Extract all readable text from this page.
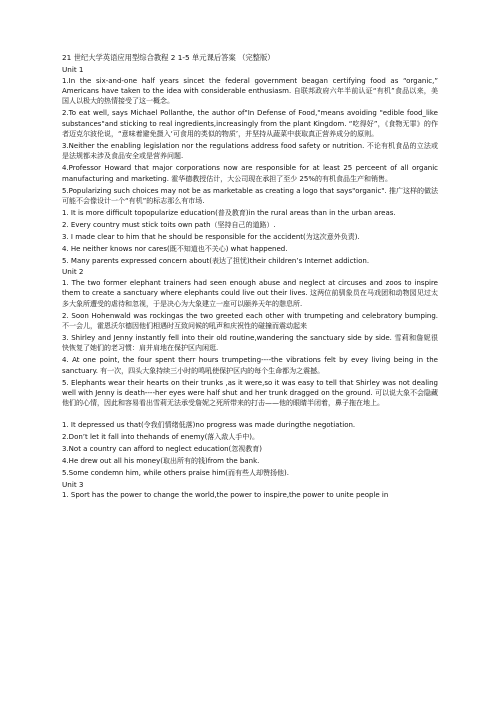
21 世纪大学英语应用型综合教程 2 1-5 单元课后答案 （完整版）

Unit 1

1.In the six-and-one half years sincet the federal government beagan certifying food as “organic,” Americans have taken to the idea with considerable enthusiasm. 自联邦政府六年半前认证“有机”食品以来，美国人以极大的热情接受了这一概念。

2.To eat well, says Michael Pollanthe, the author of"In Defense of Food,"means avoiding "edible food_like substances"and sticking to real ingredients,increasingly from the plant Kingdom. “吃得好”，《食物无罪》的作者迈克尔波伦说，“意味着避免摄入‘可食用的类似的物质’，并坚持从蔬菜中获取真正营养成分的原则。

3.Neither the enabling legislation nor the regulations address food safety or nutrition. 不论有机食品的立法或是法规都未涉及食品安全或是营养问题.

4.Professor Howard that major corporations now are responsible for at least 25 perceent of all organic manufacturing and marketing. 霍华德教授估计，大公司现在承担了至少 25%的有机食品生产和销售。

5.Popularizing such choices may not be as marketable as creating a logo that says"organic". 推广这样的做法可能不会像设计一个“有机”的标志那么有市场.

1. It is more difficult topopularize education(普及教育)in the rural areas than in the urban areas.

2. Every country must stick toits own path（坚持自己的道路）.

3. I made clear to him that he should be responsible for the accident(为这次意外负责).

4. He neither knows nor cares(既不知道也不关心) what happened.

5. Many parents expressed concern about(表达了担忧)their children’s Internet addiction.

Unit 2

1. The two former elephant trainers had seen enough abuse and neglect at circuses and zoos to inspire them to create a sanctuary where elephants could live out their lives. 这两位前驯象员在马戏团和动物园见过太多大象所遭受的虐待和忽视，于是决心为大象建立一座可以颐养天年的憩息所.

2. Soon Hohenwald was rockingas the two greeted each other with trumpeting and celebratory bumping. 不一会儿，霍恩沃尔德因他们相遇时互致问候的吼声和庆祝性的碰撞而震动起来

3. Shirley and Jenny instantly fell into their old routine,wandering the sanctuary side by side. 雪莉和詹妮很快恢复了她们的老习惯：肩并肩地在保护区内闲逛.

4. At one point, the four spent therr hours trumpeting----the vibrations felt by evey living being in the sanctuary. 有一次，四头大象持续三小时的鸣吼使保护区内的每个生命都为之震撼。

5. Elephants wear their hearts on their trunks ,as it were,so it was easy to tell that Shirley was not dealing well with Jenny is death----her eyes were half shut and her trunk dragged on the ground. 可以说大象不会隐藏他们的心情，因此和容易看出雪莉无法承受詹妮之死所带来的打击——他的眼睛半闭着，鼻子拖在地上。

1. It depressed us that(令我们情绪低落)no progress was made duringthe negotiation.

2.Don’t let it fall into thehands of enemy(落入敌人手中)。

3.Not a country can afford to neglect education(忽视教育)

4.He drew out all his money(取出所有的钱)from the bank.

5.Some condemn him, while others praise him(而有些人却赞扬他).

Unit 3

1. Sport has the power to change the world,the power to inspire,the power to unite people in
